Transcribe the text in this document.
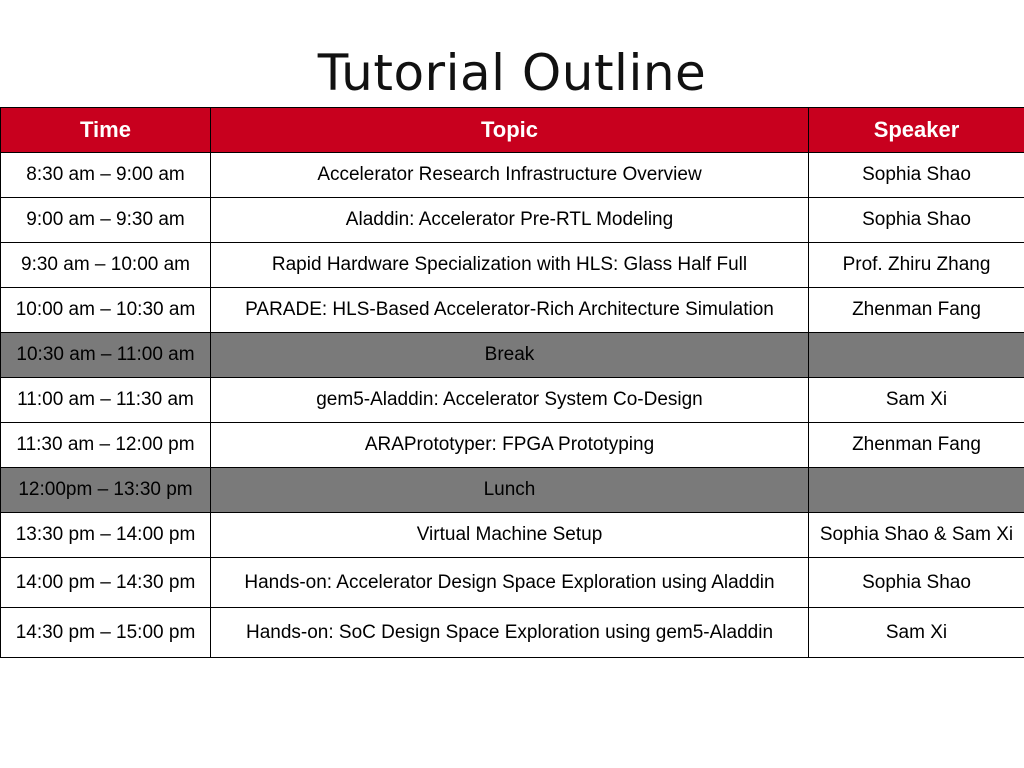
Tutorial Outline
Time	Topic	Speaker
8:30 am – 9:00 am	Accelerator Research Infrastructure Overview	Sophia Shao
9:00 am – 9:30 am	Aladdin: Accelerator Pre-RTL Modeling	Sophia Shao
9:30 am – 10:00 am	Rapid Hardware Specialization with HLS: Glass Half Full	Prof. Zhiru Zhang
10:00 am – 10:30 am	PARADE: HLS-Based Accelerator-Rich Architecture Simulation	Zhenman Fang
10:30 am – 11:00 am	Break	
11:00 am – 11:30 am	gem5-Aladdin: Accelerator System Co-Design	Sam Xi
11:30 am – 12:00 pm	ARAPrototyper: FPGA Prototyping	Zhenman Fang
12:00pm – 13:30 pm	Lunch	
13:30 pm – 14:00 pm	Virtual Machine Setup	Sophia Shao & Sam Xi
14:00 pm – 14:30 pm	Hands-on: Accelerator Design Space Exploration using Aladdin	Sophia Shao
14:30 pm – 15:00 pm	Hands-on: SoC Design Space Exploration using gem5-Aladdin	Sam Xi
